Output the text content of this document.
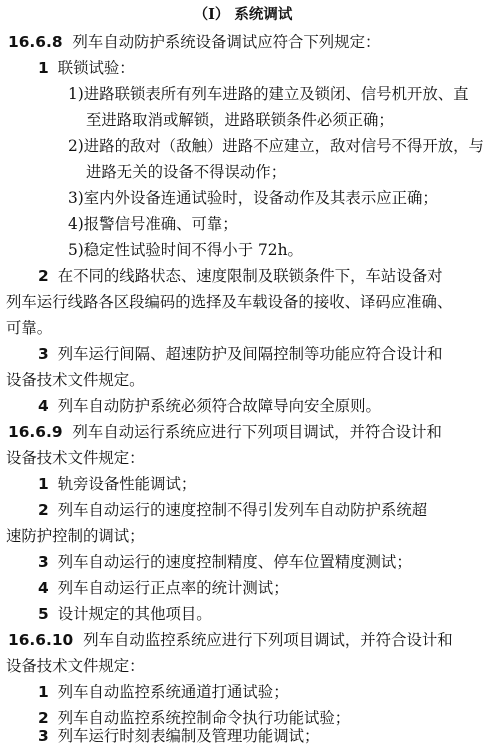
（Ⅰ） 系统调试
16.6.8 列车自动防护系统设备调试应符合下列规定：
1 联锁试验：
1)进路联锁表所有列车进路的建立及锁闭、信号机开放、直
至进路取消或解锁，进路联锁条件必须正确；
2)进路的敌对（敌触）进路不应建立，敌对信号不得开放，与
进路无关的设备不得误动作；
3)室内外设备连通试验时，设备动作及其表示应正确；
4)报警信号准确、可靠；
5)稳定性试验时间不得小于 72h。
2 在不同的线路状态、速度限制及联锁条件下，车站设备对
列车运行线路各区段编码的选择及车载设备的接收、译码应准确、
可靠。
3 列车运行间隔、超速防护及间隔控制等功能应符合设计和
设备技术文件规定。
4 列车自动防护系统必须符合故障导向安全原则。
16.6.9 列车自动运行系统应进行下列项目调试，并符合设计和
设备技术文件规定：
1 轨旁设备性能调试；
2 列车自动运行的速度控制不得引发列车自动防护系统超
速防护控制的调试；
3 列车自动运行的速度控制精度、停车位置精度测试；
4 列车自动运行正点率的统计测试；
5 设计规定的其他项目。
16.6.10 列车自动监控系统应进行下列项目调试，并符合设计和
设备技术文件规定：
1 列车自动监控系统通道打通试验；
2 列车自动监控系统控制命令执行功能试验；
3 列车运行时刻表编制及管理功能调试；
